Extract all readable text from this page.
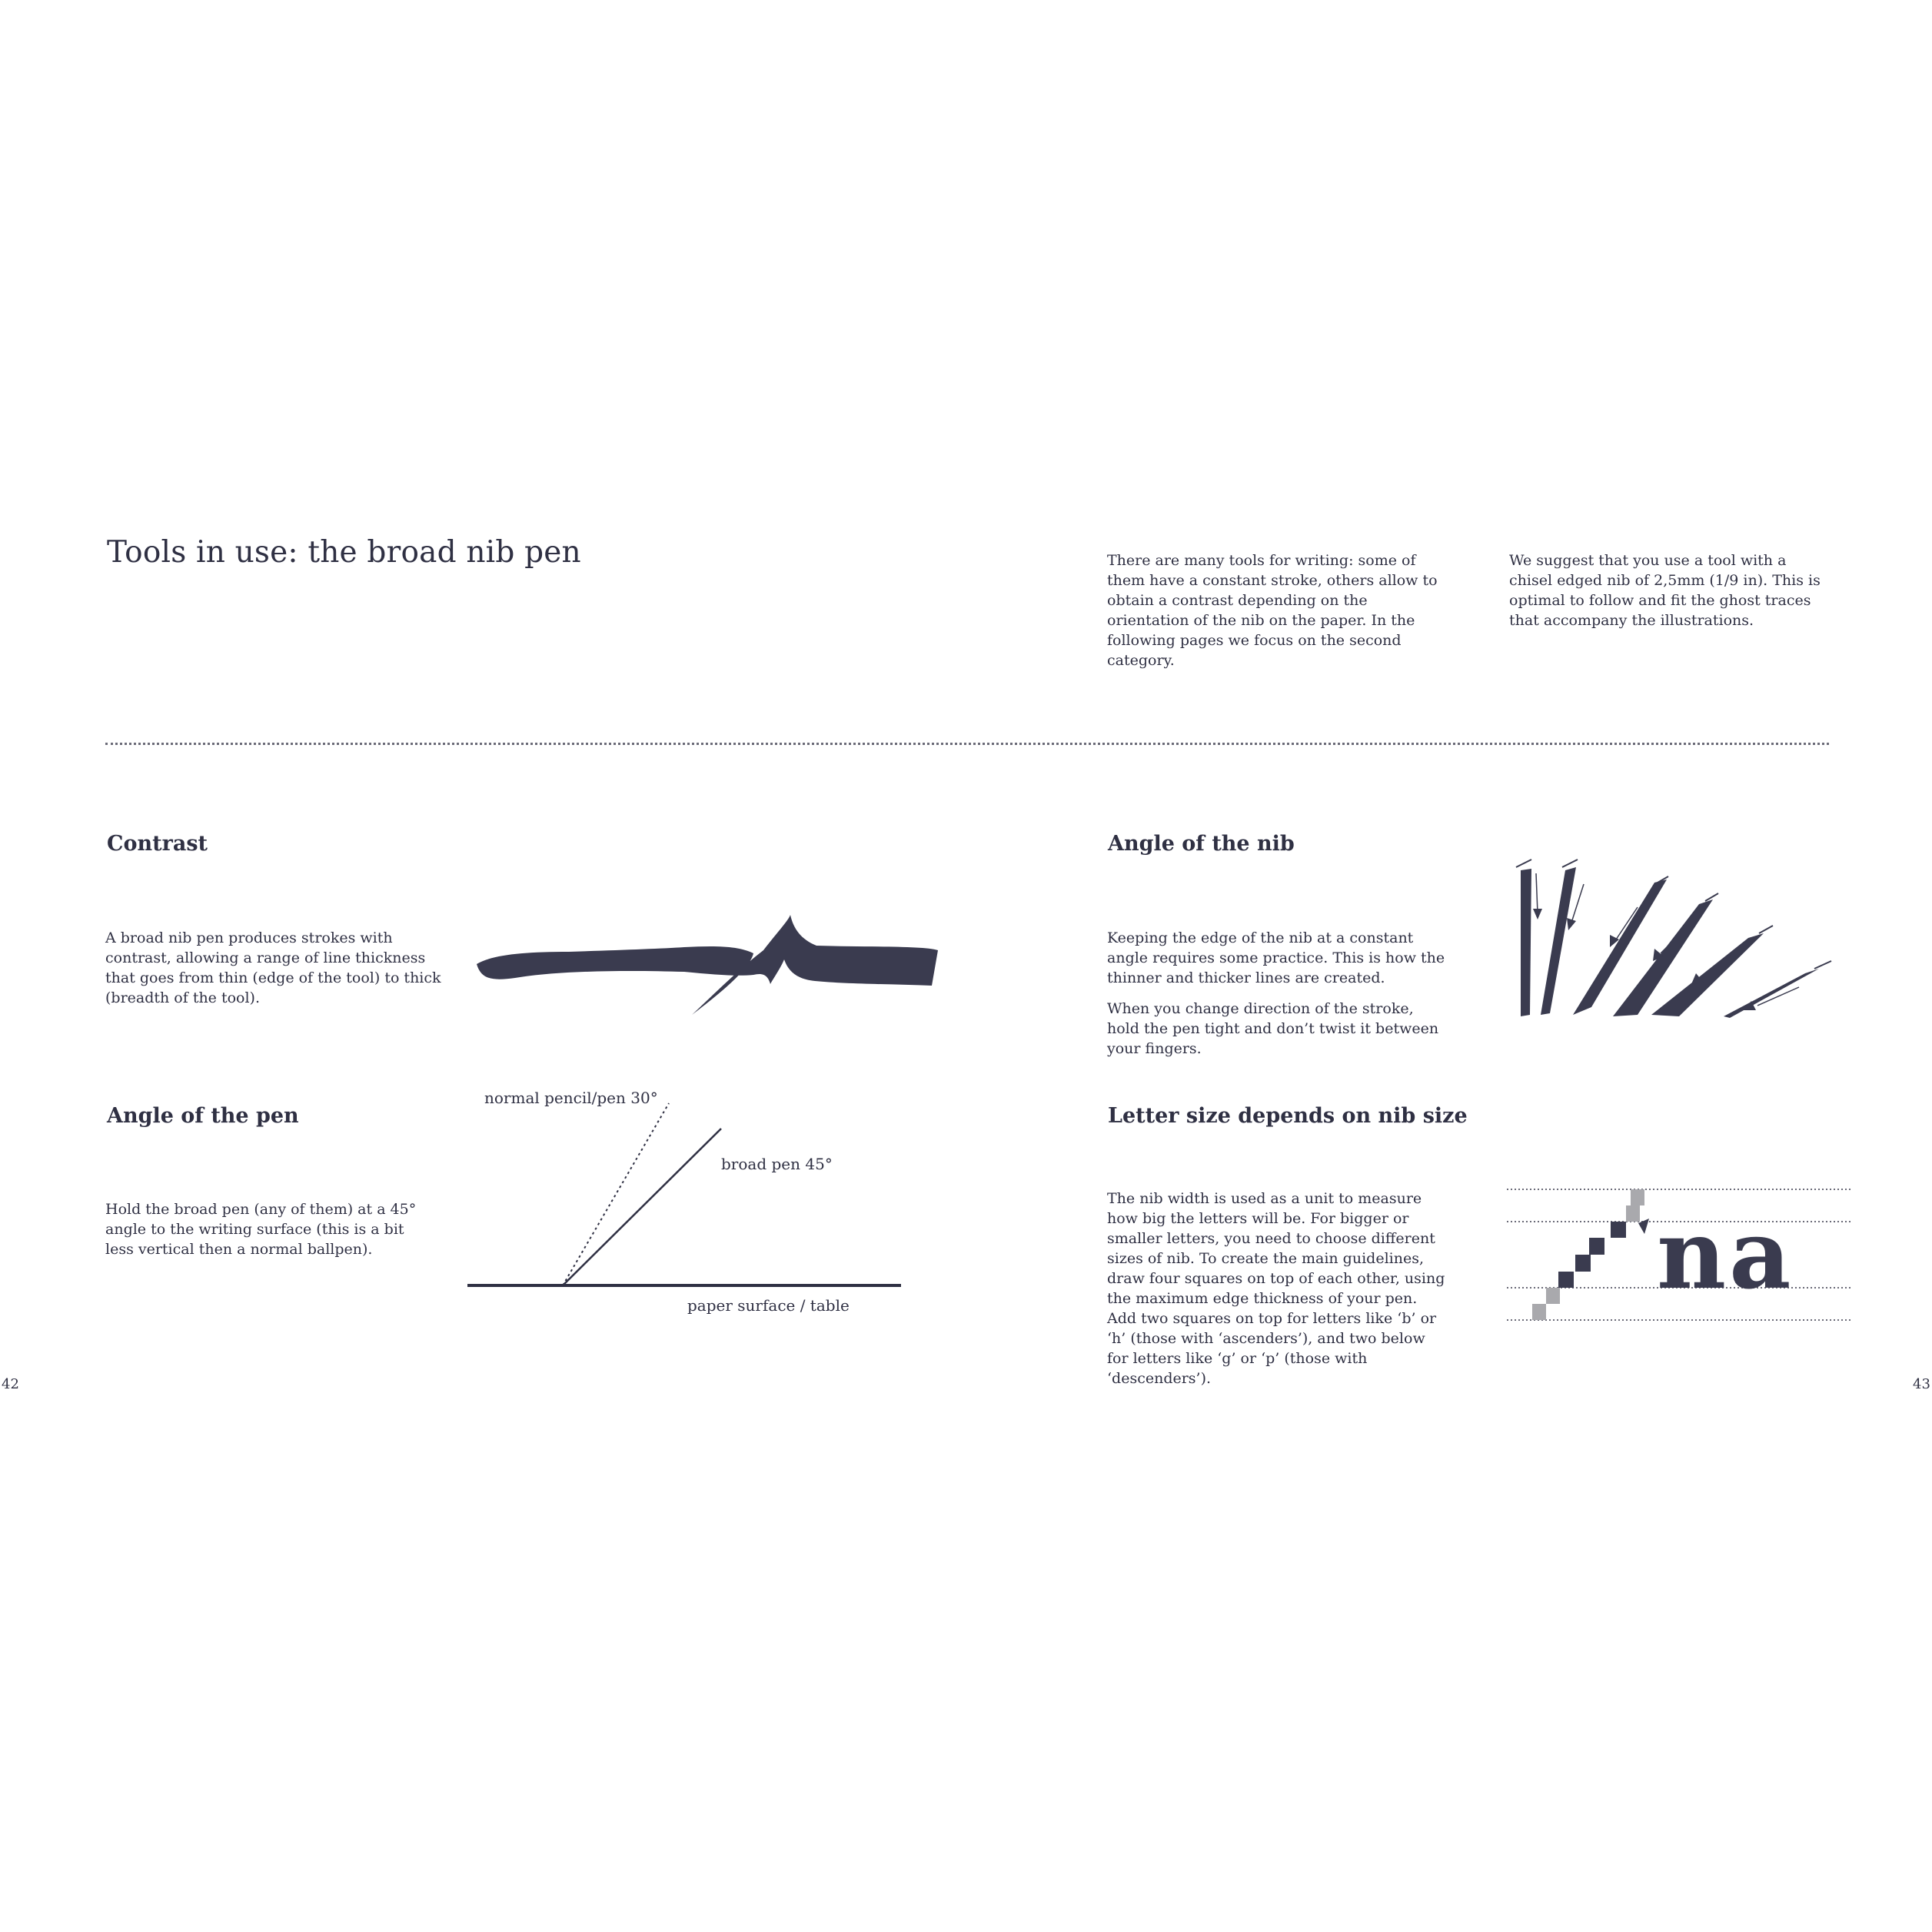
Tools in use: the broad nib pen	There are many tools for writing: some of them have a constant stroke, others allow to obtain a contrast depending on the orientation of the nib on the paper. In the following pages we focus on the second category.
We suggest that you use a tool with a chisel edged nib of 2,5mm (1/9 in). This is optimal to follow and fit the ghost traces that accompany the illustrations.
Contrast
A broad nib pen produces strokes with contrast, allowing a range of line thickness that goes from thin (edge of the tool) to thick (breadth of the tool).
Angle of the pen
Hold the broad pen (any of them) at a 45° angle to the writing surface (this is a bit less vertical then a normal ballpen).
normal pencil/pen 30°
broad pen 45°
paper surface / table
Angle of the nib

Keeping the edge of the nib at a constant angle requires some practice. This is how the thinner and thicker lines are created.

When you change direction of the stroke, hold the pen tight and don’t twist it between your fingers.

Letter size depends on nib size
The nib width is used as a unit to measure how big the letters will be. For bigger or smaller letters, you need to choose different sizes of nib. To create the main guidelines, draw four squares on top of each other, using the maximum edge thickness of your pen. Add two squares on top for letters like ‘b’ or ‘h’ (those with ‘ascenders’), and two below for letters like ‘g’ or ‘p’ (those with ‘descenders’).
na
42	43
